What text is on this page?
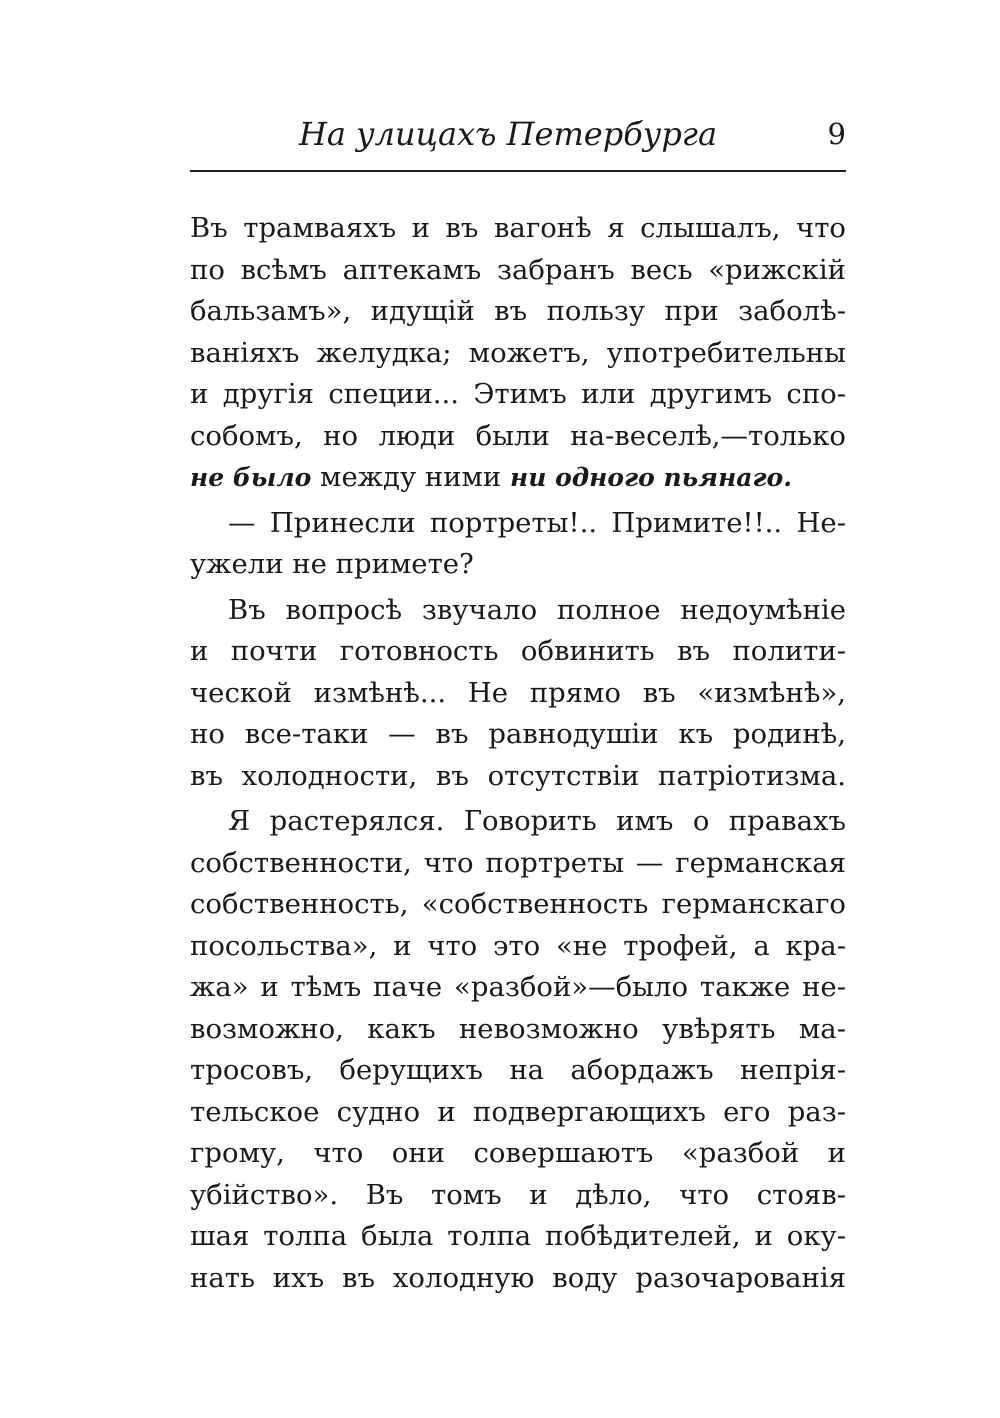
На улицахъ Петербурга	9
Въ трамваяхъ и въ вагонѣ я слышалъ, что
по всѣмъ аптекамъ забранъ весь «рижскій
бальзамъ», идущій въ пользу при заболѣ-
ваніяхъ желудка; можетъ, употребительны
и другія специи... Этимъ или другимъ спо-
собомъ, но люди были на-веселѣ,—только
не было между ними ни одного пьянаго.
— Принесли портреты!.. Примите!!.. Не-
ужели не примете?
Въ вопросѣ звучало полное недоумѣніе
и почти готовность обвинить въ полити-
ческой измѣнѣ... Не прямо въ «измѣнѣ»,
но все-таки — въ равнодушіи къ родинѣ,
въ холодности, въ отсутствіи патріотизма.
Я растерялся. Говорить имъ о правахъ
собственности, что портреты — германская
собственность, «собственность германскаго
посольства», и что это «не трофей, а кра-
жа» и тѣмъ паче «разбой»—было также не-
возможно, какъ невозможно увѣрять ма-
тросовъ, берущихъ на абордажъ непрія-
тельское судно и подвергающихъ его раз-
грому, что они совершаютъ «разбой и
убійство». Въ томъ и дѣло, что стояв-
шая толпа была толпа побѣдителей, и оку-
нать ихъ въ холодную воду разочарованія
